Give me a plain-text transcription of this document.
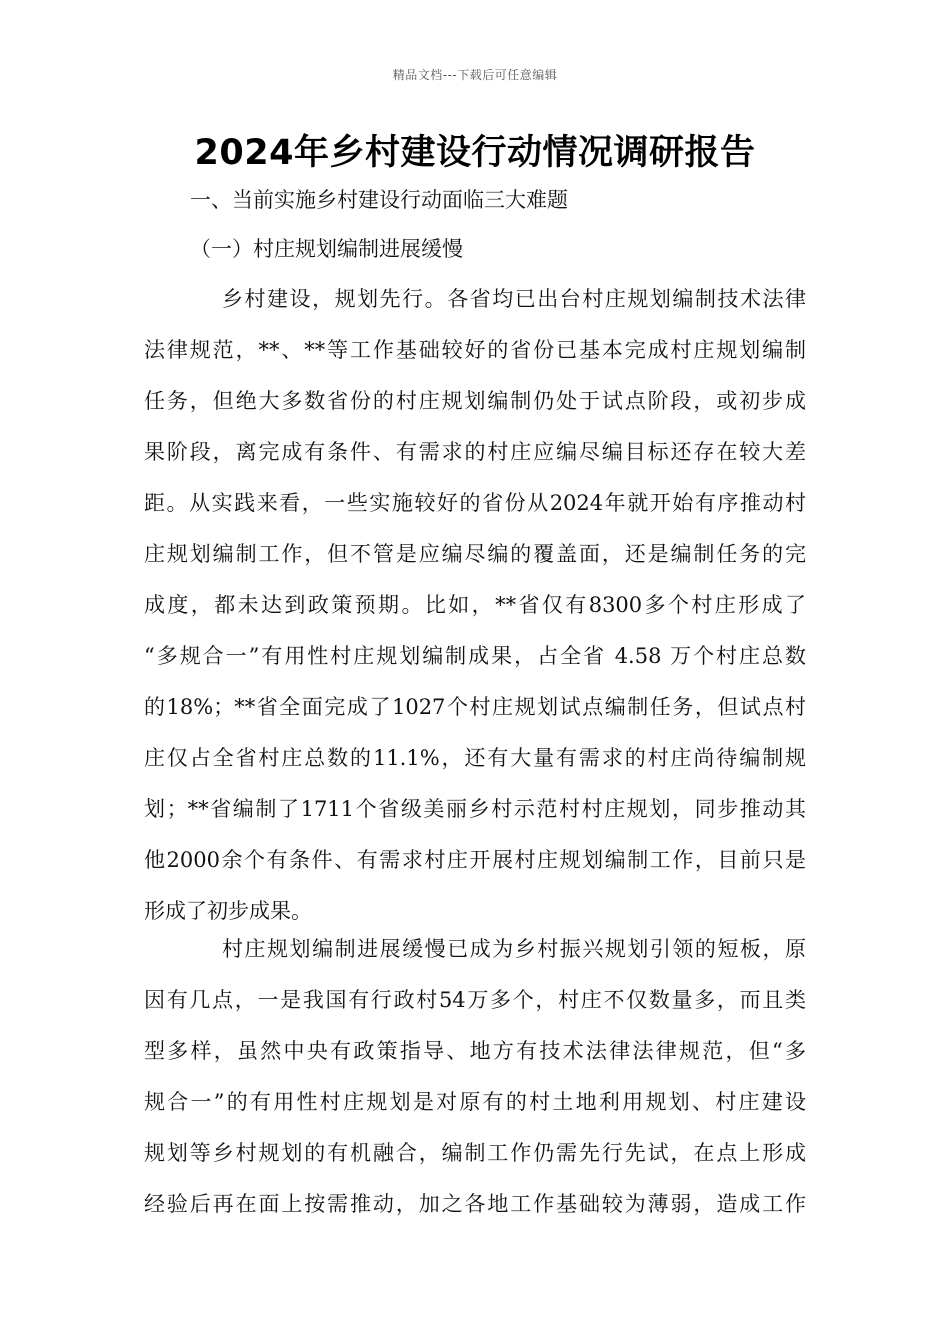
精品文档---下载后可任意编辑
2024年乡村建设行动情况调研报告
一、当前实施乡村建设行动面临三大难题
（一）村庄规划编制进展缓慢
乡村建设，规划先行。各省均已出台村庄规划编制技术法律
法律规范，**、**等工作基础较好的省份已基本完成村庄规划编制
任务，但绝大多数省份的村庄规划编制仍处于试点阶段，或初步成
果阶段，离完成有条件、有需求的村庄应编尽编目标还存在较大差
距。从实践来看，一些实施较好的省份从2024年就开始有序推动村
庄规划编制工作，但不管是应编尽编的覆盖面，还是编制任务的完
成度，都未达到政策预期。比如，**省仅有8300多个村庄形成了
“多规合一”有用性村庄规划编制成果，占全省 4.58 万个村庄总数
的18%；**省全面完成了1027个村庄规划试点编制任务，但试点村
庄仅占全省村庄总数的11.1%，还有大量有需求的村庄尚待编制规
划；**省编制了1711个省级美丽乡村示范村村庄规划，同步推动其
他2000余个有条件、有需求村庄开展村庄规划编制工作，目前只是
形成了初步成果。
村庄规划编制进展缓慢已成为乡村振兴规划引领的短板，原
因有几点，一是我国有行政村54万多个，村庄不仅数量多，而且类
型多样，虽然中央有政策指导、地方有技术法律法律规范，但“多
规合一”的有用性村庄规划是对原有的村土地利用规划、村庄建设
规划等乡村规划的有机融合，编制工作仍需先行先试，在点上形成
经验后再在面上按需推动，加之各地工作基础较为薄弱，造成工作
